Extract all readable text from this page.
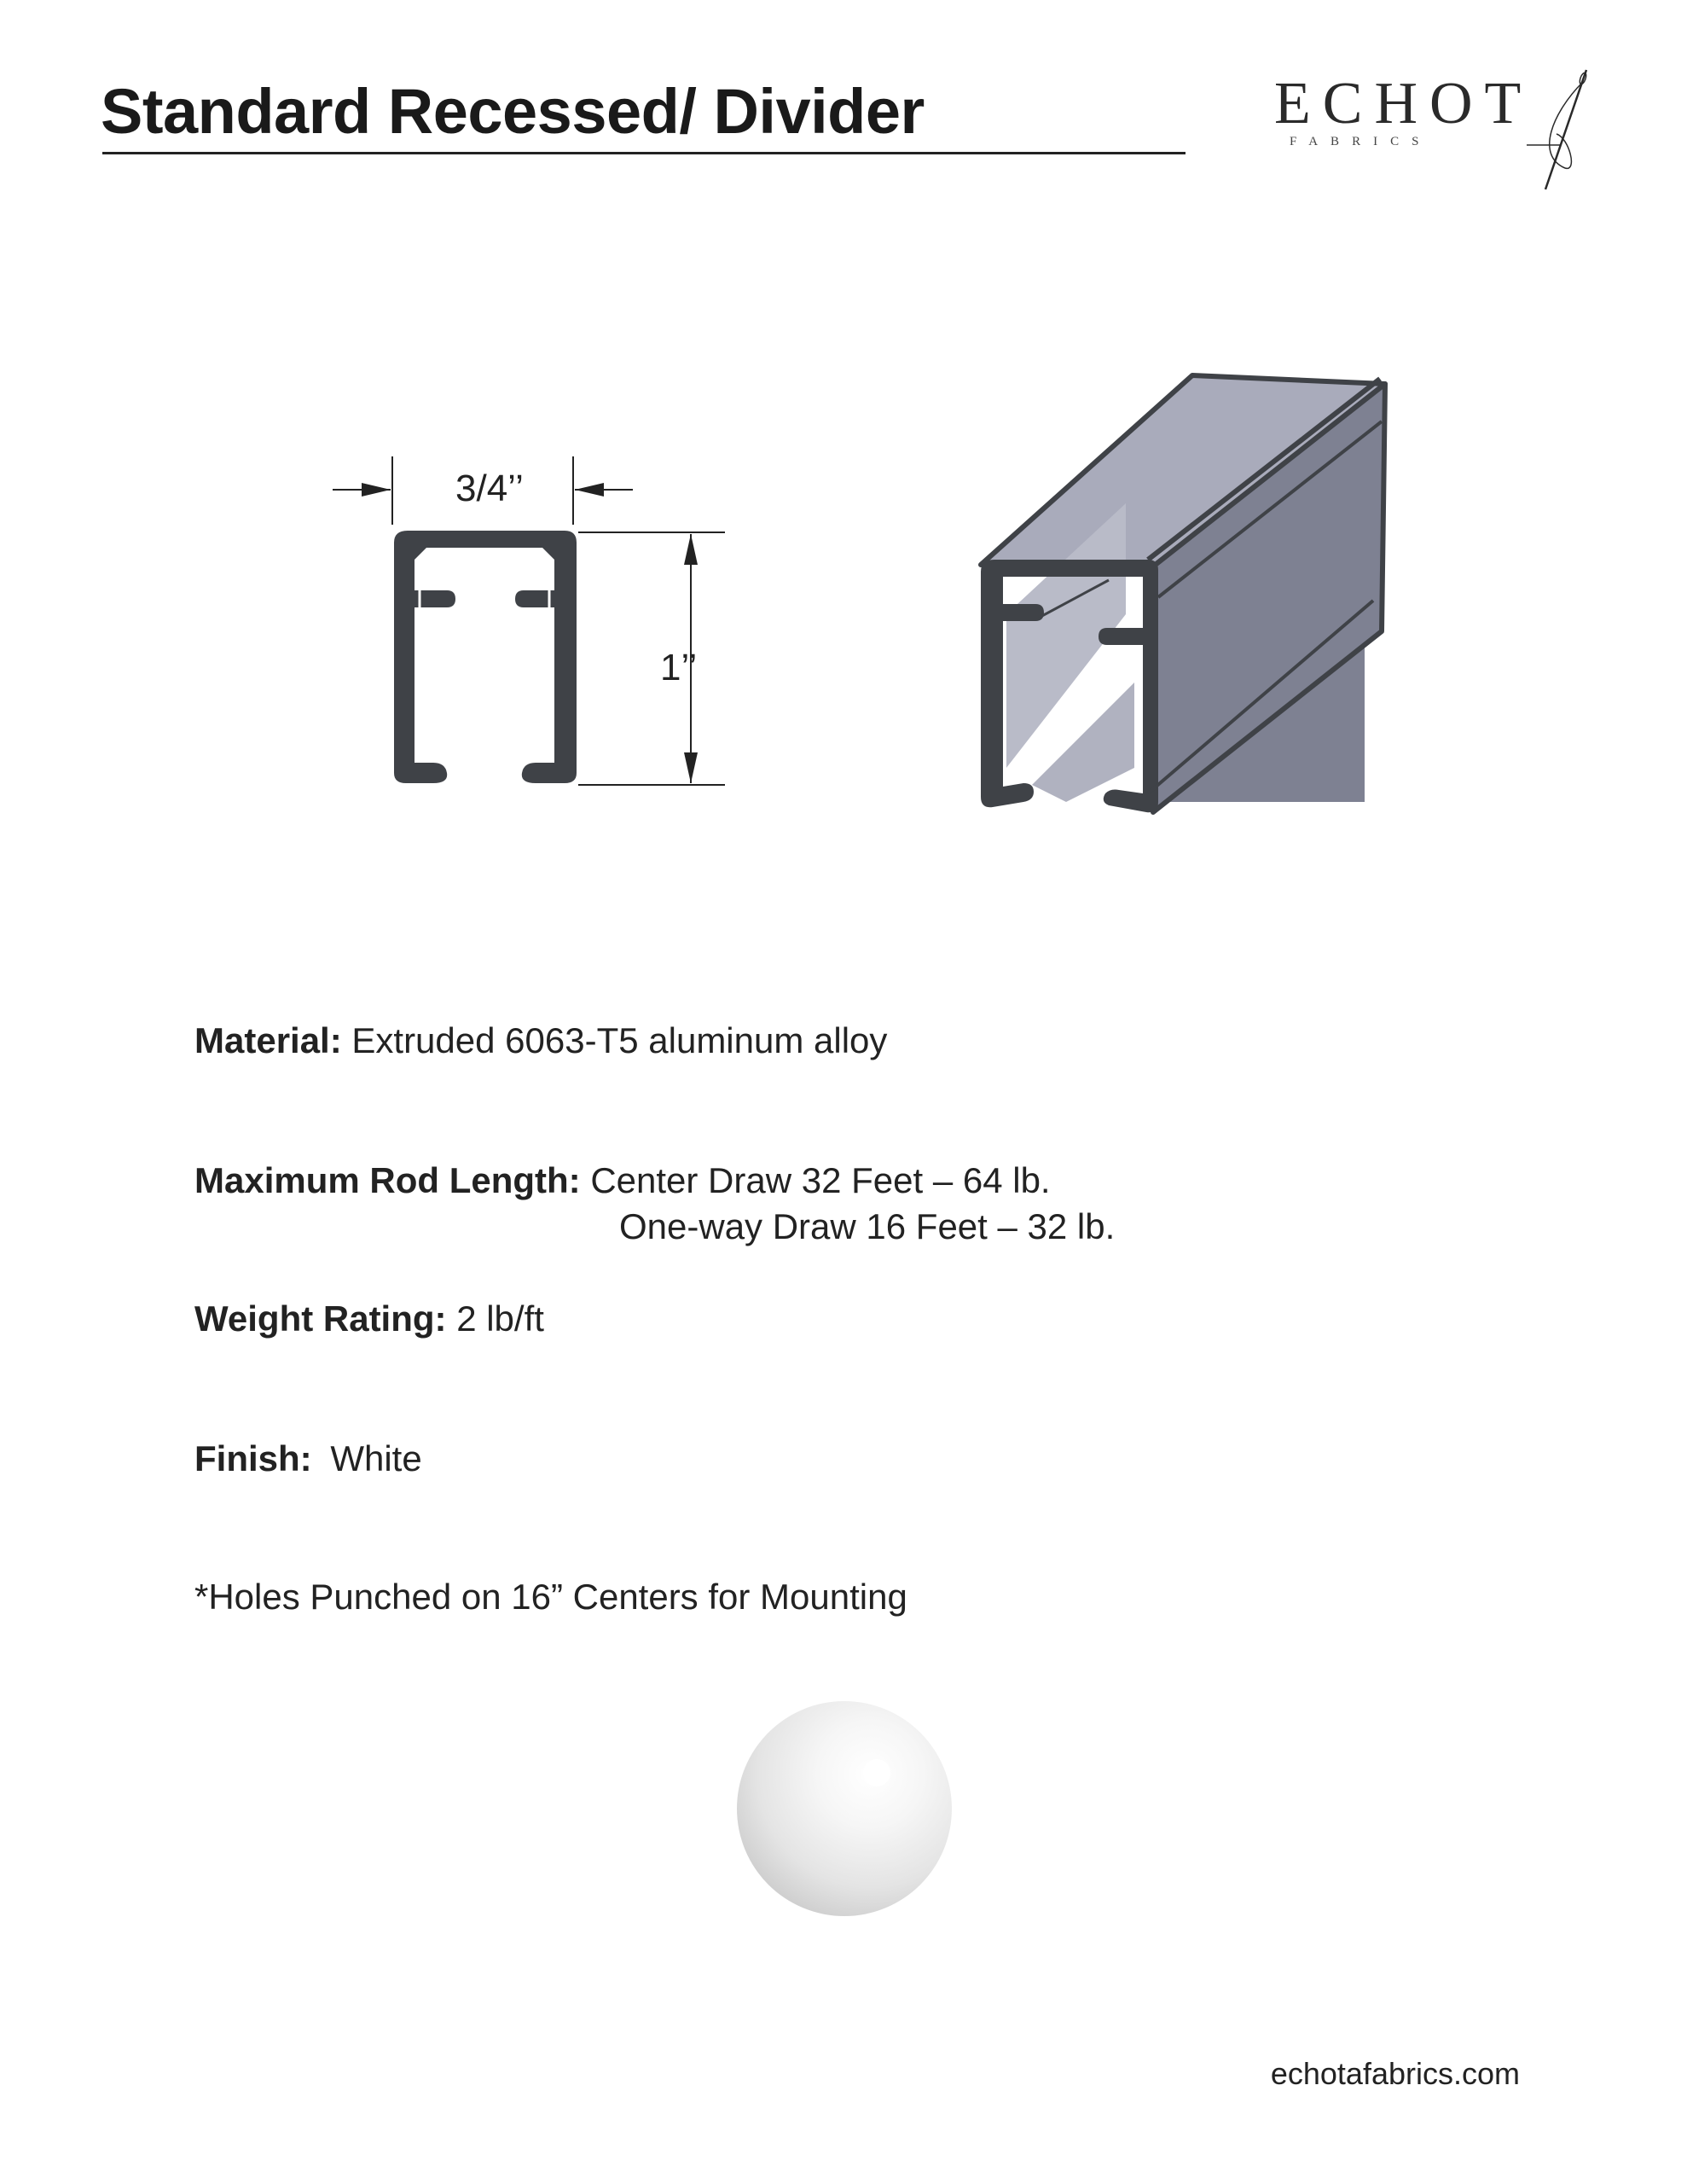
Standard Recessed/ Divider	ECHOT
FABRICS
3/4’’
1’’
Material: Extruded 6063-T5 aluminum alloy
Maximum Rod Length: Center Draw 32 Feet – 64 lb.
One-way Draw 16 Feet – 32 lb.
Weight Rating: 2 lb/ft
Finish: White
*Holes Punched on 16” Centers for Mounting
echotafabrics.com
